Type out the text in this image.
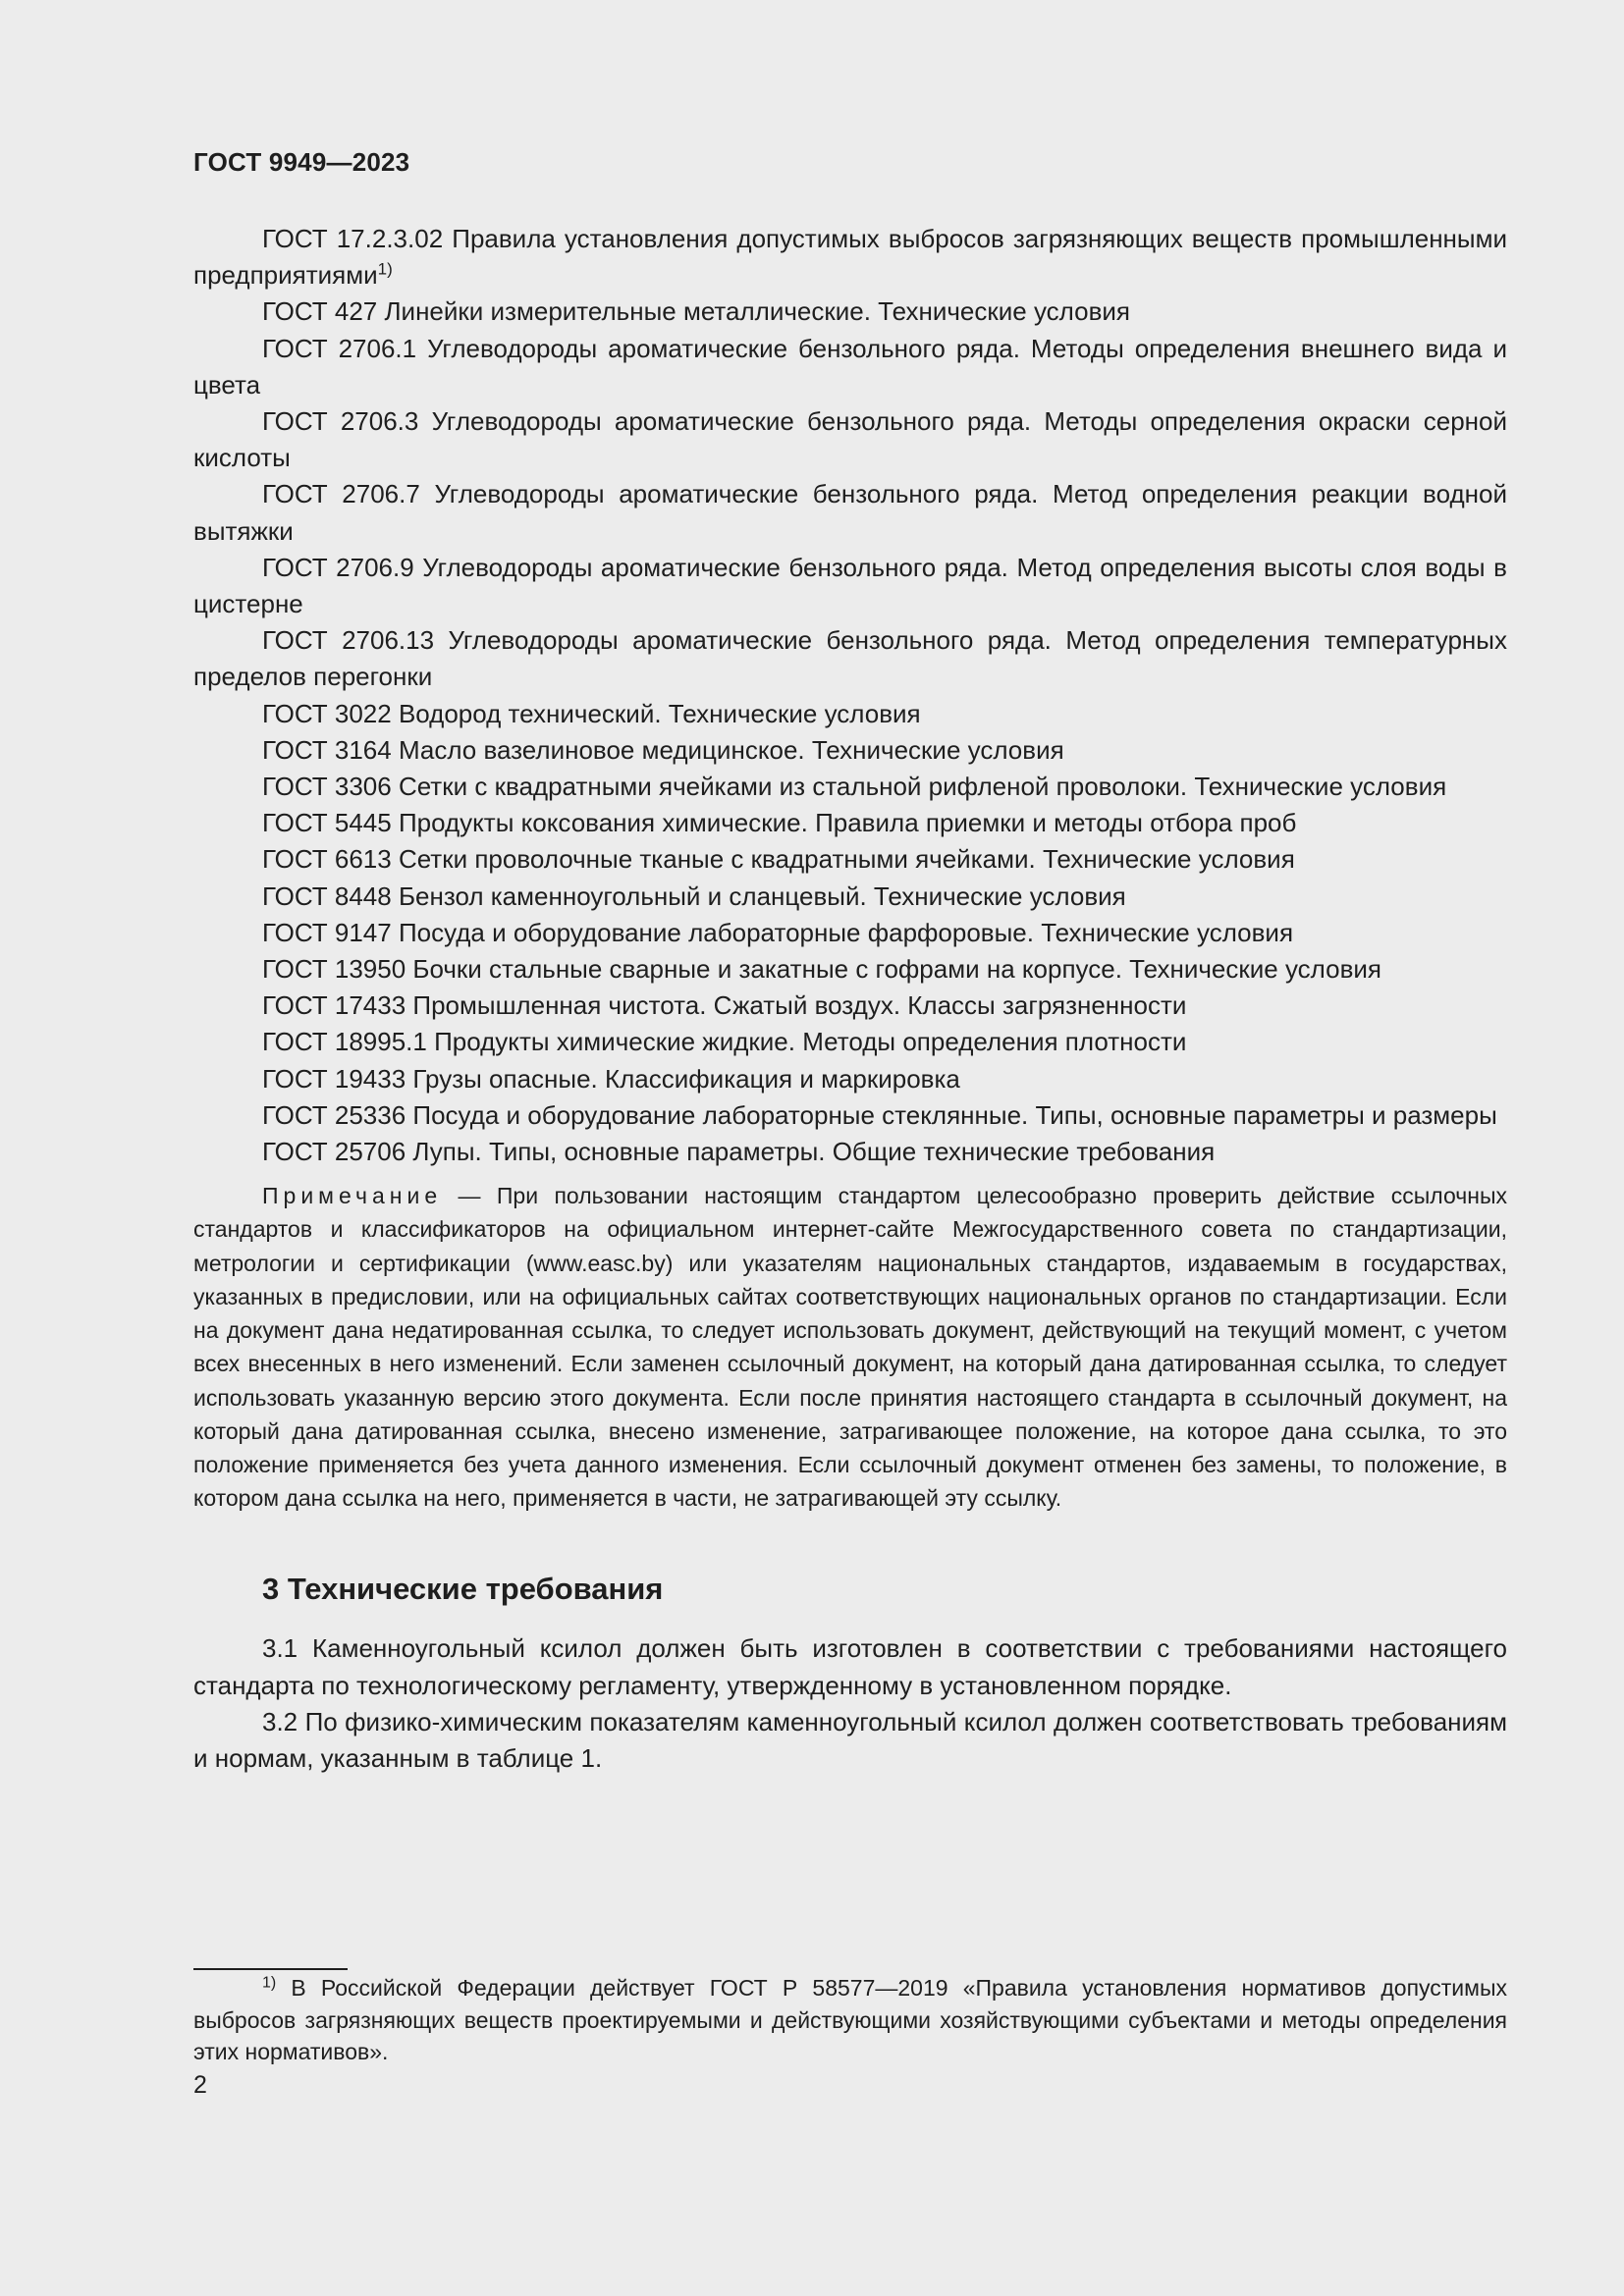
ГОСТ 9949—2023

ГОСТ 17.2.3.02 Правила установления допустимых выбросов загрязняющих веществ промышленными предприятиями$^{1)}$

ГОСТ 427 Линейки измерительные металлические. Технические условия

ГОСТ 2706.1 Углеводороды ароматические бензольного ряда. Методы определения внешнего вида и цвета

ГОСТ 2706.3 Углеводороды ароматические бензольного ряда. Методы определения окраски серной кислоты

ГОСТ 2706.7 Углеводороды ароматические бензольного ряда. Метод определения реакции водной вытяжки

ГОСТ 2706.9 Углеводороды ароматические бензольного ряда. Метод определения высоты слоя воды в цистерне

ГОСТ 2706.13 Углеводороды ароматические бензольного ряда. Метод определения температурных пределов перегонки

ГОСТ 3022 Водород технический. Технические условия

ГОСТ 3164 Масло вазелиновое медицинское. Технические условия

ГОСТ 3306 Сетки с квадратными ячейками из стальной рифленой проволоки. Технические условия

ГОСТ 5445 Продукты коксования химические. Правила приемки и методы отбора проб

ГОСТ 6613 Сетки проволочные тканые с квадратными ячейками. Технические условия

ГОСТ 8448 Бензол каменноугольный и сланцевый. Технические условия

ГОСТ 9147 Посуда и оборудование лабораторные фарфоровые. Технические условия

ГОСТ 13950 Бочки стальные сварные и закатные с гофрами на корпусе. Технические условия

ГОСТ 17433 Промышленная чистота. Сжатый воздух. Классы загрязненности

ГОСТ 18995.1 Продукты химические жидкие. Методы определения плотности

ГОСТ 19433 Грузы опасные. Классификация и маркировка

ГОСТ 25336 Посуда и оборудование лабораторные стеклянные. Типы, основные параметры и размеры

ГОСТ 25706 Лупы. Типы, основные параметры. Общие технические требования

Примечание — При пользовании настоящим стандартом целесообразно проверить действие ссылочных стандартов и классификаторов на официальном интернет-сайте Межгосударственного совета по стандартизации, метрологии и сертификации (www.easc.by) или указателям национальных стандартов, издаваемым в государствах, указанных в предисловии, или на официальных сайтах соответствующих национальных органов по стандартизации. Если на документ дана недатированная ссылка, то следует использовать документ, действующий на текущий момент, с учетом всех внесенных в него изменений. Если заменен ссылочный документ, на который дана датированная ссылка, то следует использовать указанную версию этого документа. Если после принятия настоящего стандарта в ссылочный документ, на который дана датированная ссылка, внесено изменение, затрагивающее положение, на которое дана ссылка, то это положение применяется без учета данного изменения. Если ссылочный документ отменен без замены, то положение, в котором дана ссылка на него, применяется в части, не затрагивающей эту ссылку.

3 Технические требования

3.1 Каменноугольный ксилол должен быть изготовлен в соответствии с требованиями настоящего стандарта по технологическому регламенту, утвержденному в установленном порядке.

3.2 По физико-химическим показателям каменноугольный ксилол должен соответствовать требованиям и нормам, указанным в таблице 1.

$^{1)}$ В Российской Федерации действует ГОСТ Р 58577—2019 «Правила установления нормативов допустимых выбросов загрязняющих веществ проектируемыми и действующими хозяйствующими субъектами и методы определения этих нормативов».

2
